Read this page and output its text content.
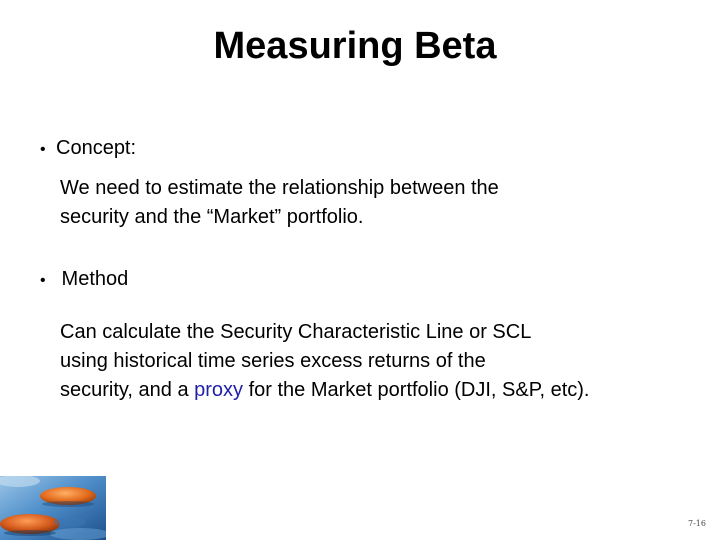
Measuring Beta
• Concept:

We need to estimate the relationship between the

security and the “Market” portfolio.

• Method

Can calculate the Security Characteristic Line or SCL

using historical time series excess returns of the

security, and a proxy for the Market portfolio (DJI, S&P, etc).

7-16
